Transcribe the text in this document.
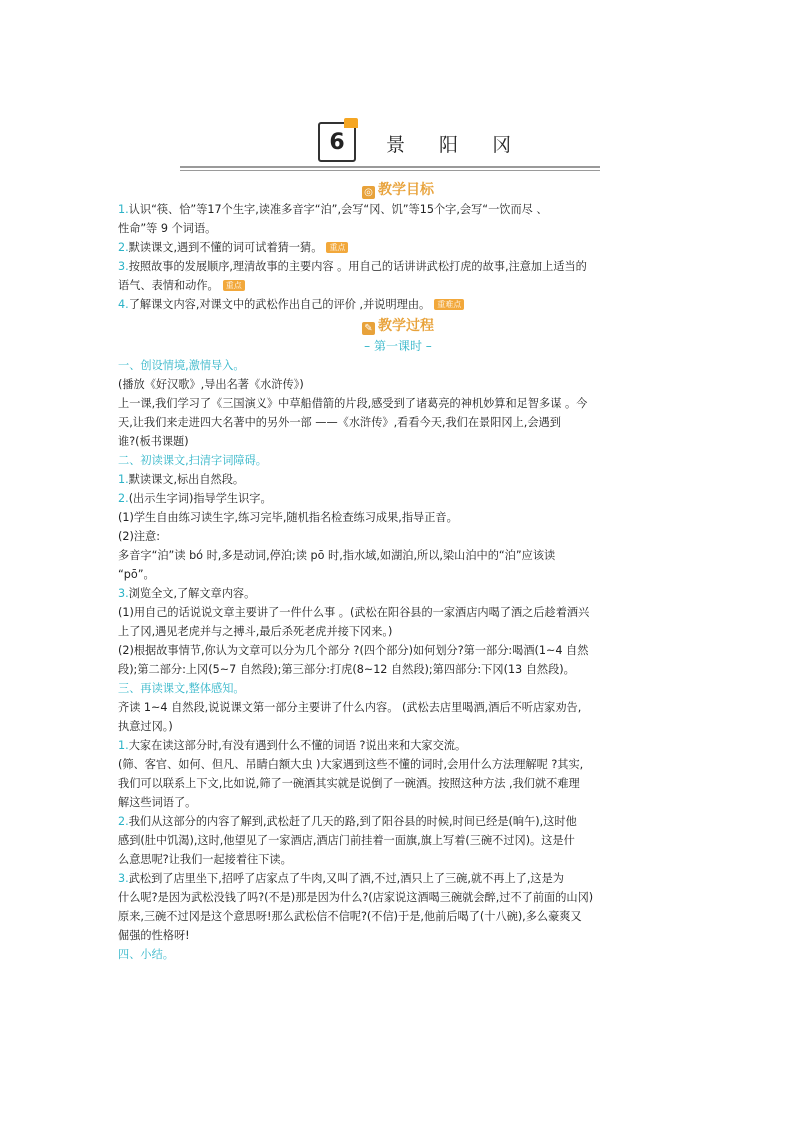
6 景 阳 冈
◎ 教学目标
1.认识“筷、恰”等17个生字,读准多音字“泊”,会写“冈、饥”等15个字,会写“一饮而尽 、
性命”等 9 个词语。
2.默读课文,遇到不懂的词可试着猜一猜。 重点
3.按照故事的发展顺序,理清故事的主要内容 。用自己的话讲讲武松打虎的故事,注意加上适当的
语气、表情和动作。 重点
4.了解课文内容,对课文中的武松作出自己的评价 ,并说明理由。 重难点
✎ 教学过程
– 第一课时 –
一、创设情境,激情导入。
(播放《好汉歌》,导出名著《水浒传》)
上一课,我们学习了《三国演义》中草船借箭的片段,感受到了诸葛亮的神机妙算和足智多谋 。今
天,让我们来走进四大名著中的另外一部 ——《水浒传》,看看今天,我们在景阳冈上,会遇到
谁?(板书课题)
二、初读课文,扫清字词障碍。
1.默读课文,标出自然段。
2.(出示生字词)指导学生识字。
(1)学生自由练习读生字,练习完毕,随机指名检查练习成果,指导正音。
(2)注意:
多音字“泊”读 bó 时,多是动词,停泊;读 pō 时,指水域,如湖泊,所以,梁山泊中的“泊”应该读
“pō”。
3.浏览全文,了解文章内容。
(1)用自己的话说说文章主要讲了一件什么事 。(武松在阳谷县的一家酒店内喝了酒之后趁着酒兴
上了冈,遇见老虎并与之搏斗,最后杀死老虎并接下冈来。)
(2)根据故事情节,你认为文章可以分为几个部分 ?(四个部分)如何划分?第一部分:喝酒(1~4 自然
段);第二部分:上冈(5~7 自然段);第三部分:打虎(8~12 自然段);第四部分:下冈(13 自然段)。
三、再读课文,整体感知。
齐读 1~4 自然段,说说课文第一部分主要讲了什么内容。 (武松去店里喝酒,酒后不听店家劝告,
执意过冈。)
1.大家在读这部分时,有没有遇到什么不懂的词语 ?说出来和大家交流。
(筛、客官、如何、但凡、吊睛白额大虫 )大家遇到这些不懂的词时,会用什么方法理解呢 ?其实,
我们可以联系上下文,比如说,筛了一碗酒其实就是说倒了一碗酒。按照这种方法 ,我们就不难理
解这些词语了。
2.我们从这部分的内容了解到,武松赶了几天的路,到了阳谷县的时候,时间已经是(晌午),这时他
感到(肚中饥渴),这时,他望见了一家酒店,酒店门前挂着一面旗,旗上写着(三碗不过冈)。这是什
么意思呢?让我们一起接着往下读。
3.武松到了店里坐下,招呼了店家点了牛肉,又叫了酒,不过,酒只上了三碗,就不再上了,这是为
什么呢?是因为武松没钱了吗?(不是)那是因为什么?(店家说这酒喝三碗就会醉,过不了前面的山冈)
原来,三碗不过冈是这个意思呀!那么武松信不信呢?(不信)于是,他前后喝了(十八碗),多么豪爽又
倔强的性格呀!
四、小结。
